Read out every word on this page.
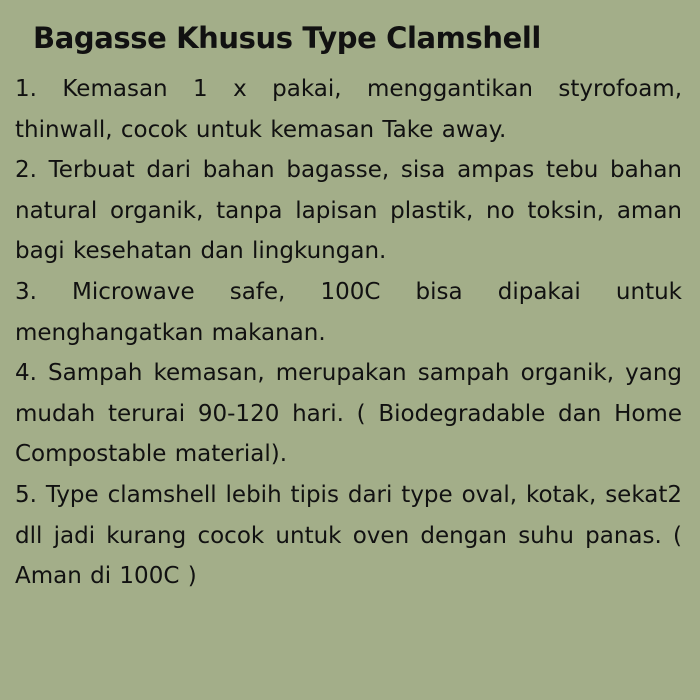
Bagasse Khusus Type Clamshell
1. Kemasan 1 x pakai, menggantikan styrofoam, thinwall, cocok untuk kemasan Take away.
2. Terbuat dari bahan bagasse, sisa ampas tebu bahan natural organik, tanpa lapisan plastik, no toksin, aman bagi kesehatan dan lingkungan.
3. Microwave safe, 100C bisa dipakai untuk menghangatkan makanan.
4. Sampah kemasan, merupakan sampah organik, yang mudah terurai 90-120 hari. ( Biodegradable dan Home Compostable material).
5. Type clamshell lebih tipis dari type oval, kotak, sekat2 dll jadi kurang cocok untuk oven dengan suhu panas. ( Aman di 100C )
